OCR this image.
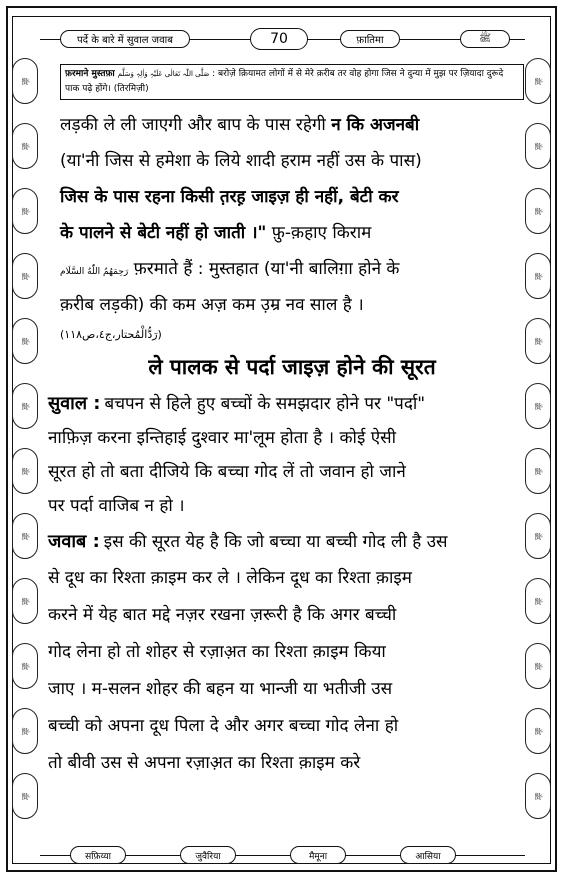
ﷺ
ﷺ
ﷺ
ﷺ
ﷺ
ﷺ
ﷺ
ﷺ
ﷺ
ﷺ
ﷺ
ﷺ
ﷺ
ﷺ
ﷺ
ﷺ
ﷺ
ﷺ
ﷺ
ﷺ
ﷺ
ﷺ
ﷺ
ﷺ
पर्दे के बारे में सुवाल जवाब	70	फ़ातिमा	ﷺ
फ़रमाने मुस्तफ़ा صَلَّی اللّٰہ تَعَالٰی عَلَیْہِ وَاٰلِہٖ وَسَلَّم : बरोज़े क़ियामत लोगों में से मेरे क़रीब तर वोह होगा जिस ने दुन्या में मुझ पर ज़ियादा दुरूदे पाक पढ़े होंगे। (तिरमिज़ी)
लड़की ले ली जाएगी और बाप के पास रहेगी न कि अजनबी
(या'नी जिस से हमेशा के लिये शादी हराम नहीं उस के पास)
जिस के पास रहना किसी त़रह़ जाइज़ ही नहीं, बेटी कर
के पालने से बेटी नहीं हो जाती ।" फ़ु-क़हाए किराम
رَحِمَهُمُ اللّٰهُ السَّلَام फ़रमाते हैं : मुस्तहात (या'नी बालिग़ा होने के
क़रीब लड़की) की कम अज़ कम उ़म्र नव साल है ।
(رَدُّالْمُحتار،ج٤،ص١١٨)
ले पालक से पर्दा जाइज़ होने की सूरत
सुवाल : बचपन से हिले हुए बच्चों के समझदार होने पर "पर्दा"
नाफ़िज़ करना इन्तिहाई दुश्वार मा'लूम होता है । कोई ऐसी
सूरत हो तो बता दीजिये कि बच्चा गोद लें तो जवान हो जाने
पर पर्दा वाजिब न हो ।
जवाब : इस की सूरत येह है कि जो बच्चा या बच्ची गोद ली है उस
से दूध का रिश्ता क़ाइम कर ले । लेकिन दूध का रिश्ता क़ाइम
करने में येह बात मद्दे नज़र रखना ज़रूरी है कि अगर बच्ची
गोद लेना हो तो शोहर से रज़ाअ़त का रिश्ता क़ाइम किया
जाए । म-सलन शोहर की बहन या भान्जी या भतीजी उस
बच्ची को अपना दूध पिला दे और अगर बच्चा गोद लेना हो
तो बीवी उस से अपना रज़ाअ़त का रिश्ता क़ाइम करे
सफ़िय्या	जुवैरिया	मैमूना	आसिया
